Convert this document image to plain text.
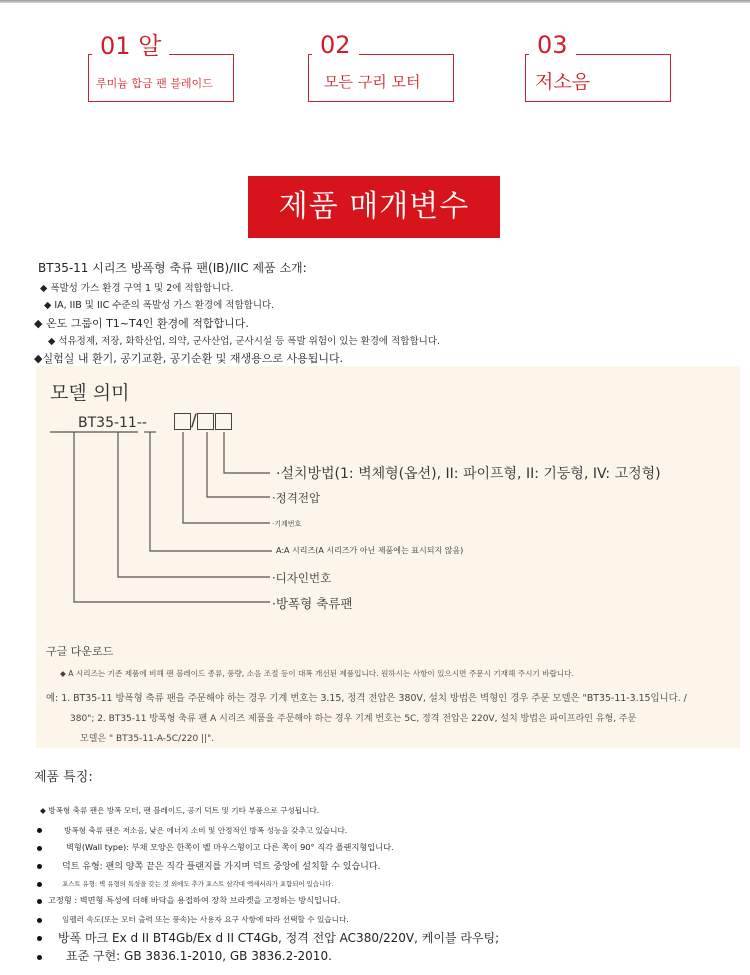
01 알
루미늄 합금 팬 블레이드
02
모든 구리 모터
03
저소음
제품 매개변수
BT35-11 시리즈 방폭형 축류 팬(IB)/IIC 제품 소개:
◆ 폭발성 가스 환경 구역 1 및 2에 적합합니다.
◆ IA, IIB 및 IIC 수준의 폭발성 가스 환경에 적합합니다.
◆ 온도 그룹이 T1~T4인 환경에 적합합니다.
◆ 석유정제, 저장, 화학산업, 의약, 군사산업, 군사시설 등 폭발 위험이 있는 환경에 적합합니다.
◆실험실 내 환기, 공기교환, 공기순환 및 재생용으로 사용됩니다.
모델 의미
BT35-11--	/
·설치방법(1: 벽체형(옵션), II: 파이프형, II: 기둥형, IV: 고정형)
·정격전압
·기계번호
A:A 시리즈(A 시리즈가 아닌 제품에는 표시되지 않음)
·디자인번호
·방폭형 축류팬
구글 다운로드
◆ A 시리즈는 기존 제품에 비해 팬 블레이드 종류, 풍량, 소음 조절 등이 대폭 개선된 제품입니다. 원하시는 사항이 있으시면 주문시 기재해 주시기 바랍니다.
예: 1. BT35-11 방폭형 축류 팬을 주문해야 하는 경우 기계 번호는 3.15, 정격 전압은 380V, 설치 방법은 벽형인 경우 주문 모델은 "BT35-11-3.15입니다. /
380"; 2. BT35-11 방폭형 축류 팬 A 시리즈 제품을 주문해야 하는 경우 기계 번호는 5C, 정격 전압은 220V, 설치 방법은 파이프라인 유형, 주문
모델은 " BT35-11-A-5C/220 ||".
제품 특징:
◆ 방폭형 축류 팬은 방폭 모터, 팬 블레이드, 공기 덕트 및 기타 부품으로 구성됩니다.
방폭형 축류 팬은 저소음, 낮은 에너지 소비 및 안정적인 방폭 성능을 갖추고 있습니다.
벽형(Wall type): 부채 모양은 한쪽이 벨 마우스형이고 다른 쪽이 90° 직각 플랜지형입니다.
덕트 유형: 팬의 양쪽 끝은 직각 플랜지를 가지며 덕트 중앙에 설치할 수 있습니다.
포스트 유형: 벽 유형의 특성을 갖는 것 외에도 추가 포스트 삼각대 액세서리가 포함되어 있습니다.
고정형 : 벽면형 특성에 더해 바닥을 용접하여 장착 브라켓을 고정하는 방식입니다.
임펠러 속도(또는 모터 출력 또는 풍속)는 사용자 요구 사항에 따라 선택할 수 있습니다.
방폭 마크 Ex d II BT4Gb/Ex d II CT4Gb, 정격 전압 AC380/220V, 케이블 라우팅;
표준 구현: GB 3836.1-2010, GB 3836.2-2010.
